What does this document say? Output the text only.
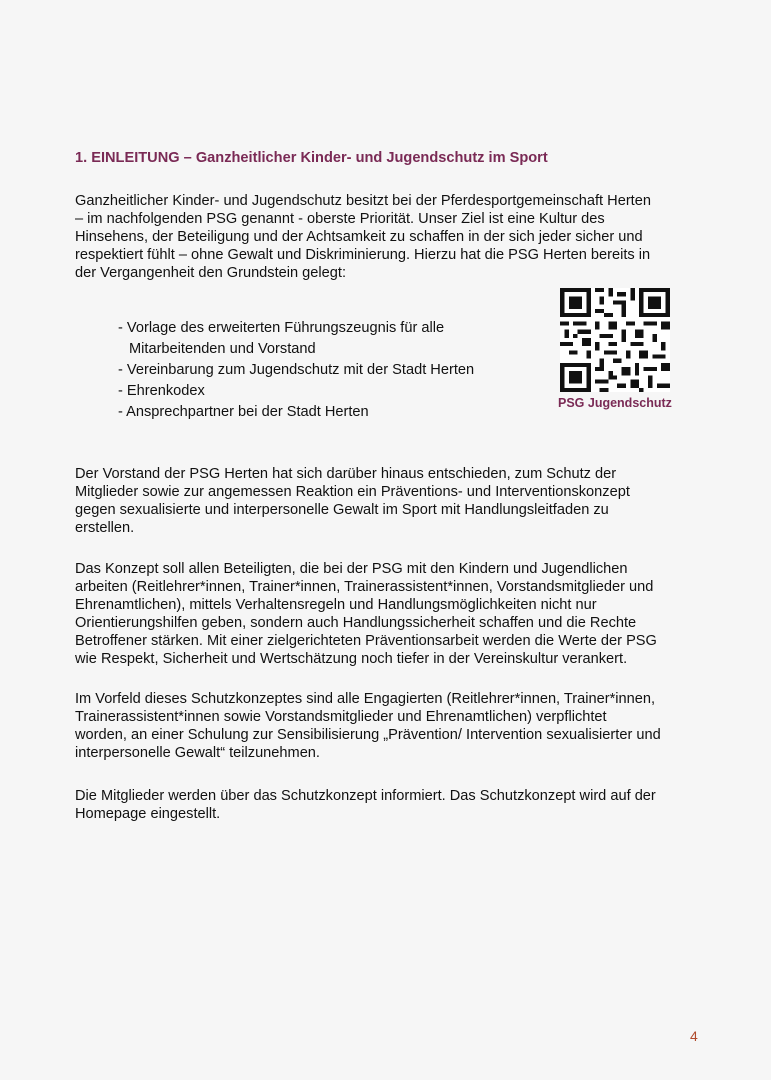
1. EINLEITUNG – Ganzheitlicher Kinder- und Jugendschutz im Sport

Ganzheitlicher Kinder- und Jugendschutz besitzt bei der Pferdesportgemeinschaft Herten
– im nachfolgenden PSG genannt - oberste Priorität. Unser Ziel ist eine Kultur des
Hinsehens, der Beteiligung und der Achtsamkeit zu schaffen in der sich jeder sicher und
respektiert fühlt – ohne Gewalt und Diskriminierung. Hierzu hat die PSG Herten bereits in
der Vergangenheit den Grundstein gelegt:

- Vorlage des erweiterten Führungszeugnis für alle
Mitarbeitenden und Vorstand
- Vereinbarung zum Jugendschutz mit der Stadt Herten
- Ehrenkodex
- Ansprechpartner bei der Stadt Herten
PSG Jugendschutz

Der Vorstand der PSG Herten hat sich darüber hinaus entschieden, zum Schutz der
Mitglieder sowie zur angemessen Reaktion ein Präventions- und Interventionskonzept
gegen sexualisierte und interpersonelle Gewalt im Sport mit Handlungsleitfaden zu
erstellen.

Das Konzept soll allen Beteiligten, die bei der PSG mit den Kindern und Jugendlichen
arbeiten (Reitlehrer*innen, Trainer*innen, Trainerassistent*innen, Vorstandsmitglieder und
Ehrenamtlichen), mittels Verhaltensregeln und Handlungsmöglichkeiten nicht nur
Orientierungshilfen geben, sondern auch Handlungssicherheit schaffen und die Rechte
Betroffener stärken. Mit einer zielgerichteten Präventionsarbeit werden die Werte der PSG
wie Respekt, Sicherheit und Wertschätzung noch tiefer in der Vereinskultur verankert.

Im Vorfeld dieses Schutzkonzeptes sind alle Engagierten (Reitlehrer*innen, Trainer*innen,
Trainerassistent*innen sowie Vorstandsmitglieder und Ehrenamtlichen) verpflichtet
worden, an einer Schulung zur Sensibilisierung „Prävention/ Intervention sexualisierter und
interpersonelle Gewalt“ teilzunehmen.

Die Mitglieder werden über das Schutzkonzept informiert. Das Schutzkonzept wird auf der
Homepage eingestellt.

4
